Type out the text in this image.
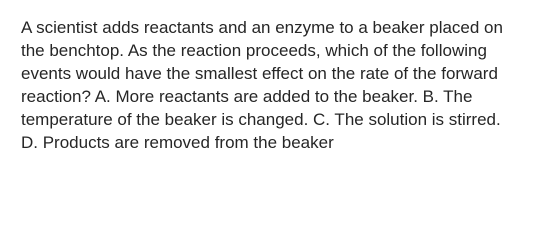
A scientist adds reactants and an enzyme to a beaker placed on

the benchtop. As the reaction proceeds, which of the following

events would have the smallest effect on the rate of the forward

reaction? A. More reactants are added to the beaker. B. The

temperature of the beaker is changed. C. The solution is stirred.

D. Products are removed from the beaker
